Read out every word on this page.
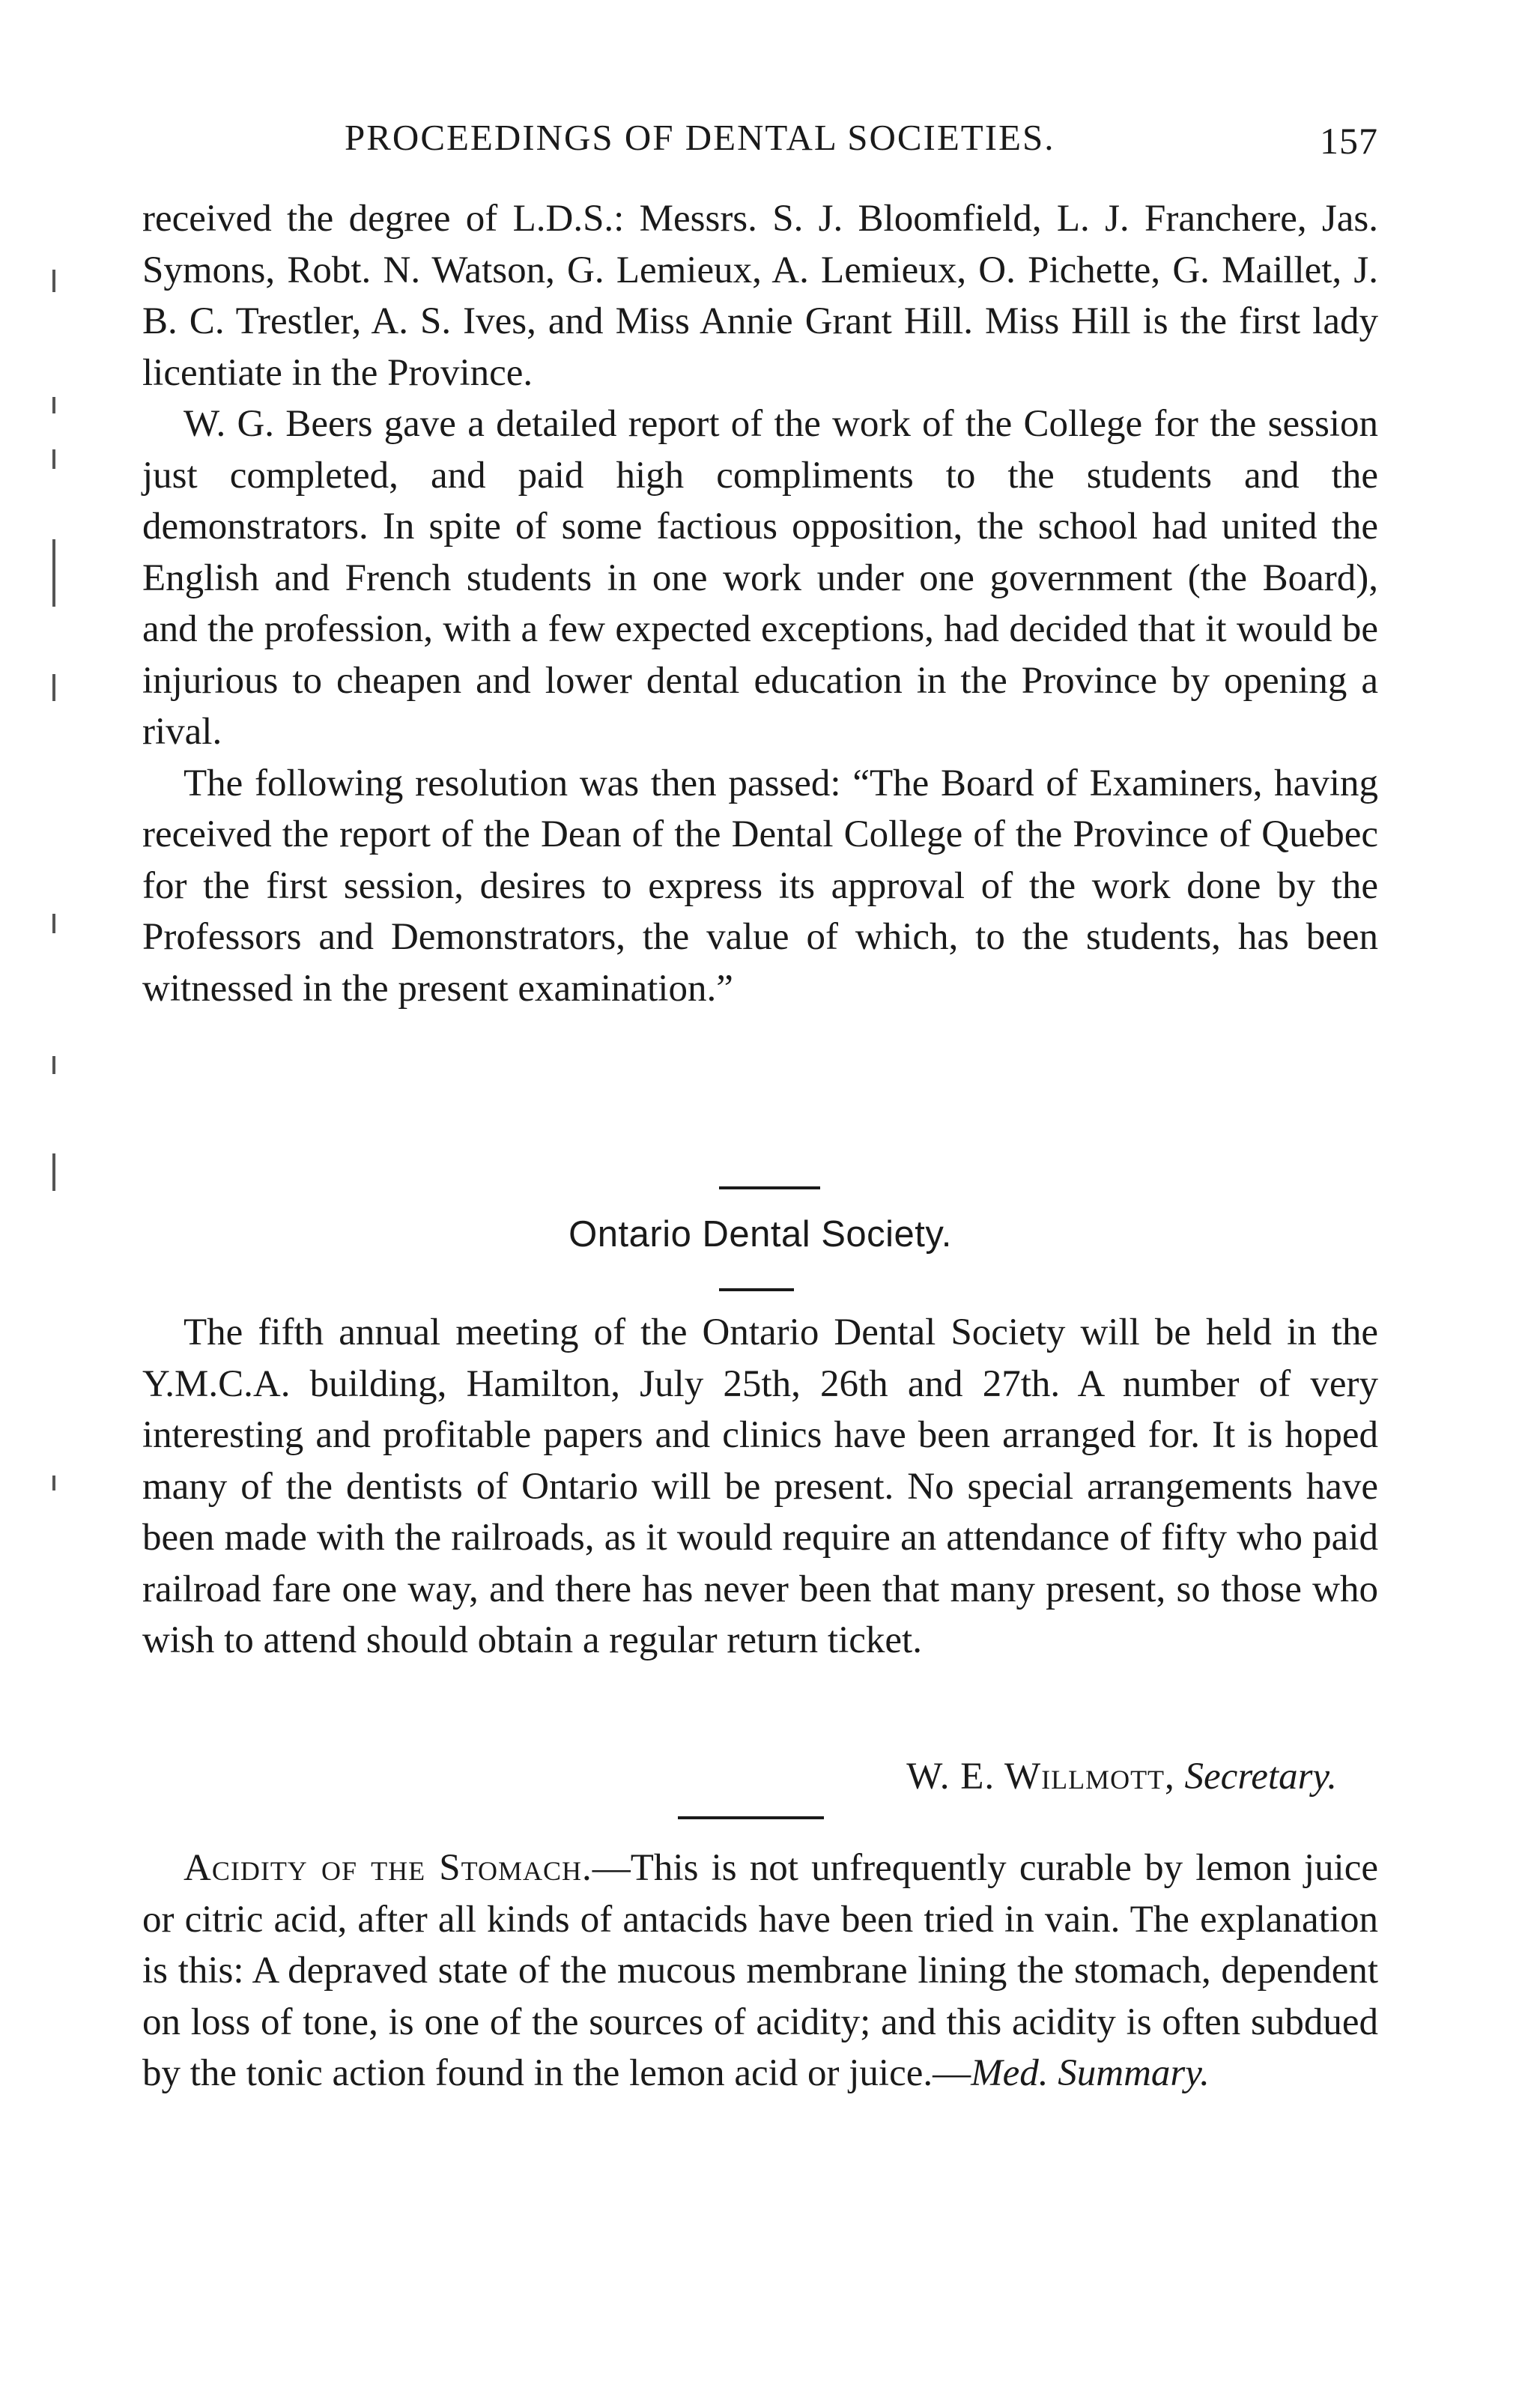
PROCEEDINGS OF DENTAL SOCIETIES.	157

received the degree of L.D.S.: Messrs. S. J. Bloomfield, L. J. Franchere, Jas. Symons, Robt. N. Watson, G. Lemieux, A. Lemieux, O. Pichette, G. Maillet, J. B. C. Trestler, A. S. Ives, and Miss Annie Grant Hill. Miss Hill is the first lady licentiate in the Province.

W. G. Beers gave a detailed report of the work of the College for the session just completed, and paid high compliments to the students and the demonstrators. In spite of some factious opposition, the school had united the English and French students in one work under one government (the Board), and the profession, with a few expected exceptions, had decided that it would be injurious to cheapen and lower dental education in the Province by opening a rival.

The following resolution was then passed: “The Board of Examiners, having received the report of the Dean of the Dental College of the Province of Quebec for the first session, desires to express its approval of the work done by the Professors and Demonstrators, the value of which, to the students, has been witnessed in the present examination.”

Ontario Dental Society.

The fifth annual meeting of the Ontario Dental Society will be held in the Y.M.C.A. building, Hamilton, July 25th, 26th and 27th. A number of very interesting and profitable papers and clinics have been arranged for. It is hoped many of the dentists of Ontario will be present. No special arrangements have been made with the railroads, as it would require an attendance of fifty who paid railroad fare one way, and there has never been that many present, so those who wish to attend should obtain a regular return ticket.

W. E. Willmott, Secretary.

Acidity of the Stomach.—This is not unfrequently curable by lemon juice or citric acid, after all kinds of antacids have been tried in vain. The explanation is this: A depraved state of the mucous membrane lining the stomach, dependent on loss of tone, is one of the sources of acidity; and this acidity is often subdued by the tonic action found in the lemon acid or juice.—Med. Summary.
